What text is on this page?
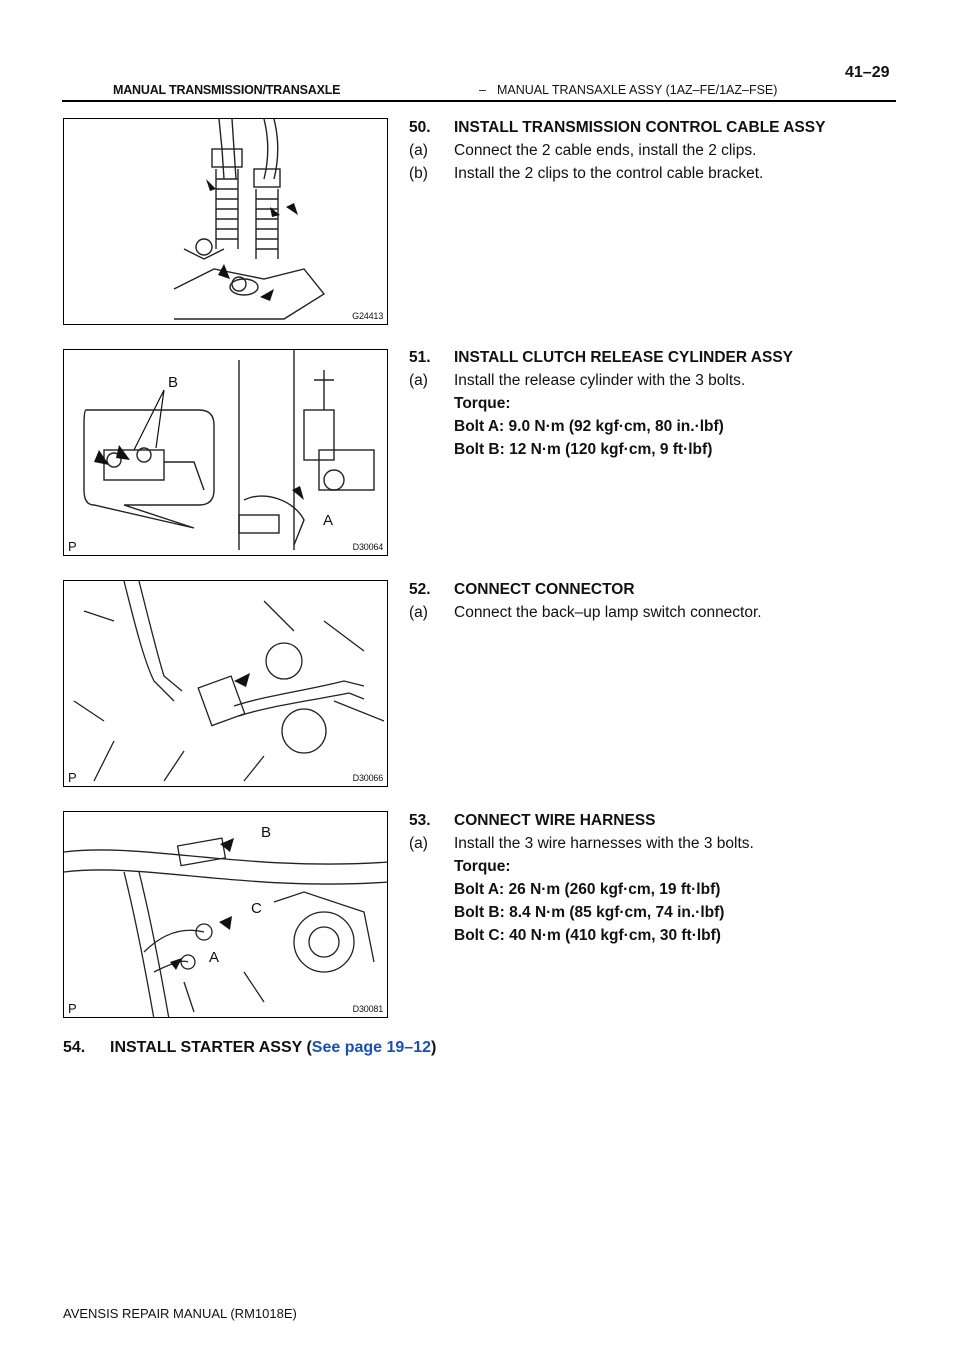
MANUAL TRANSMISSION/TRANSAXLE	– MANUAL TRANSAXLE ASSY (1AZ–FE/1AZ–FSE)
41–29
G24413
B
A
P	D30064
P	D30066
B
C
A
P	D30081
50. INSTALL TRANSMISSION CONTROL CABLE ASSY
(a) Connect the 2 cable ends, install the 2 clips.
(b) Install the 2 clips to the control cable bracket.
51. INSTALL CLUTCH RELEASE CYLINDER ASSY
(a) Install the release cylinder with the 3 bolts.
Torque:
Bolt A: 9.0 N·m (92 kgf·cm, 80 in.·lbf)
Bolt B: 12 N·m (120 kgf·cm, 9 ft·lbf)
52. CONNECT CONNECTOR
(a) Connect the back–up lamp switch connector.
53. CONNECT WIRE HARNESS
(a) Install the 3 wire harnesses with the 3 bolts.
Torque:
Bolt A: 26 N·m (260 kgf·cm, 19 ft·lbf)
Bolt B: 8.4 N·m (85 kgf·cm, 74 in.·lbf)
Bolt C: 40 N·m (410 kgf·cm, 30 ft·lbf)
54. INSTALL STARTER ASSY (See page 19–12)
AVENSIS REPAIR MANUAL (RM1018E)
